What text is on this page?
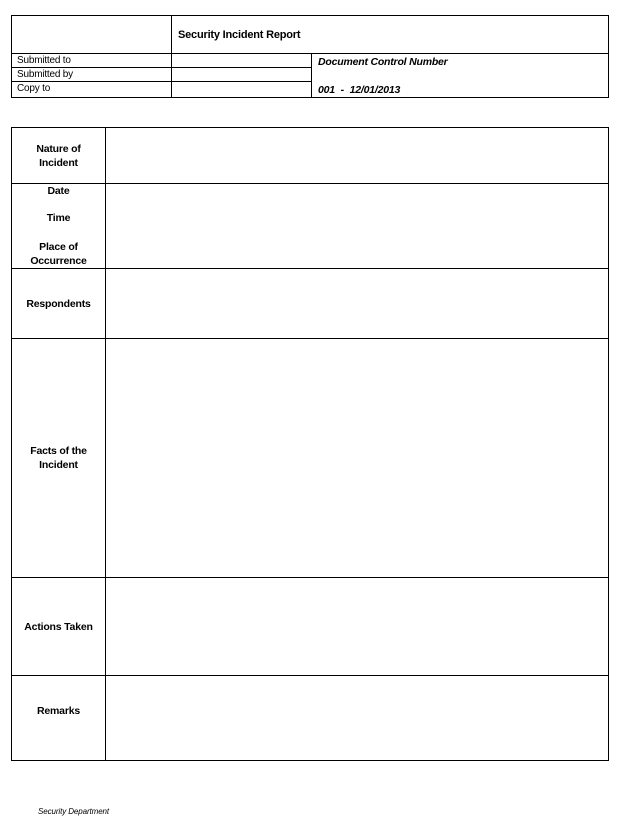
Security Incident Report
Submitted to
Submitted by
Copy to
Document Control Number
001 - 12/01/2013
Nature of Incident
Date
Time
Place of Occurrence
Respondents
Facts of the Incident
Actions Taken
Remarks
Security Department
